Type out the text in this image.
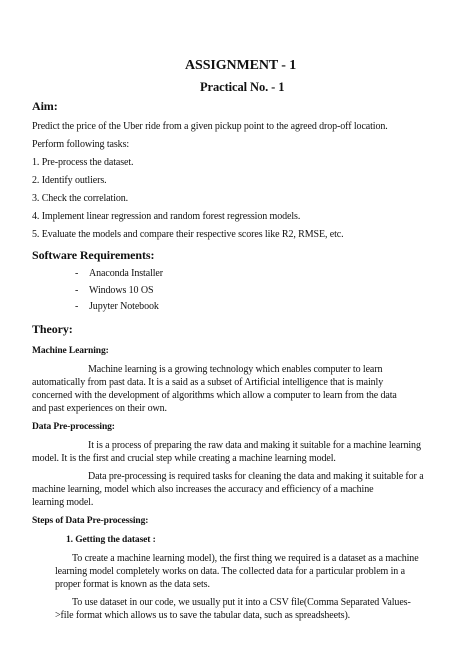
ASSIGNMENT - 1
Practical No. - 1
Aim:
Predict the price of the Uber ride from a given pickup point to the agreed drop-off location.
Perform following tasks:
1. Pre-process the dataset.
2. Identify outliers.
3. Check the correlation.
4. Implement linear regression and random forest regression models.
5. Evaluate the models and compare their respective scores like R2, RMSE, etc.
Software Requirements:
- Anaconda Installer
- Windows 10 OS
- Jupyter Notebook
Theory:
Machine Learning:
Machine learning is a growing technology which enables computer to learn
automatically from past data. It is a said as a subset of Artificial intelligence that is mainly
concerned with the development of algorithms which allow a computer to learn from the data
and past experiences on their own.
Data Pre-processing:
It is a process of preparing the raw data and making it suitable for a machine learning
model. It is the first and crucial step while creating a machine learning model.
Data pre-processing is required tasks for cleaning the data and making it suitable for a
machine learning, model which also increases the accuracy and efficiency of a machine
learning model.
Steps of Data Pre-processing:
1. Getting the dataset :
To create a machine learning model), the first thing we required is a dataset as a machine
learning model completely works on data. The collected data for a particular problem in a
proper format is known as the data sets.
To use dataset in our code, we usually put it into a CSV file(Comma Separated Values-
>file format which allows us to save the tabular data, such as spreadsheets).
